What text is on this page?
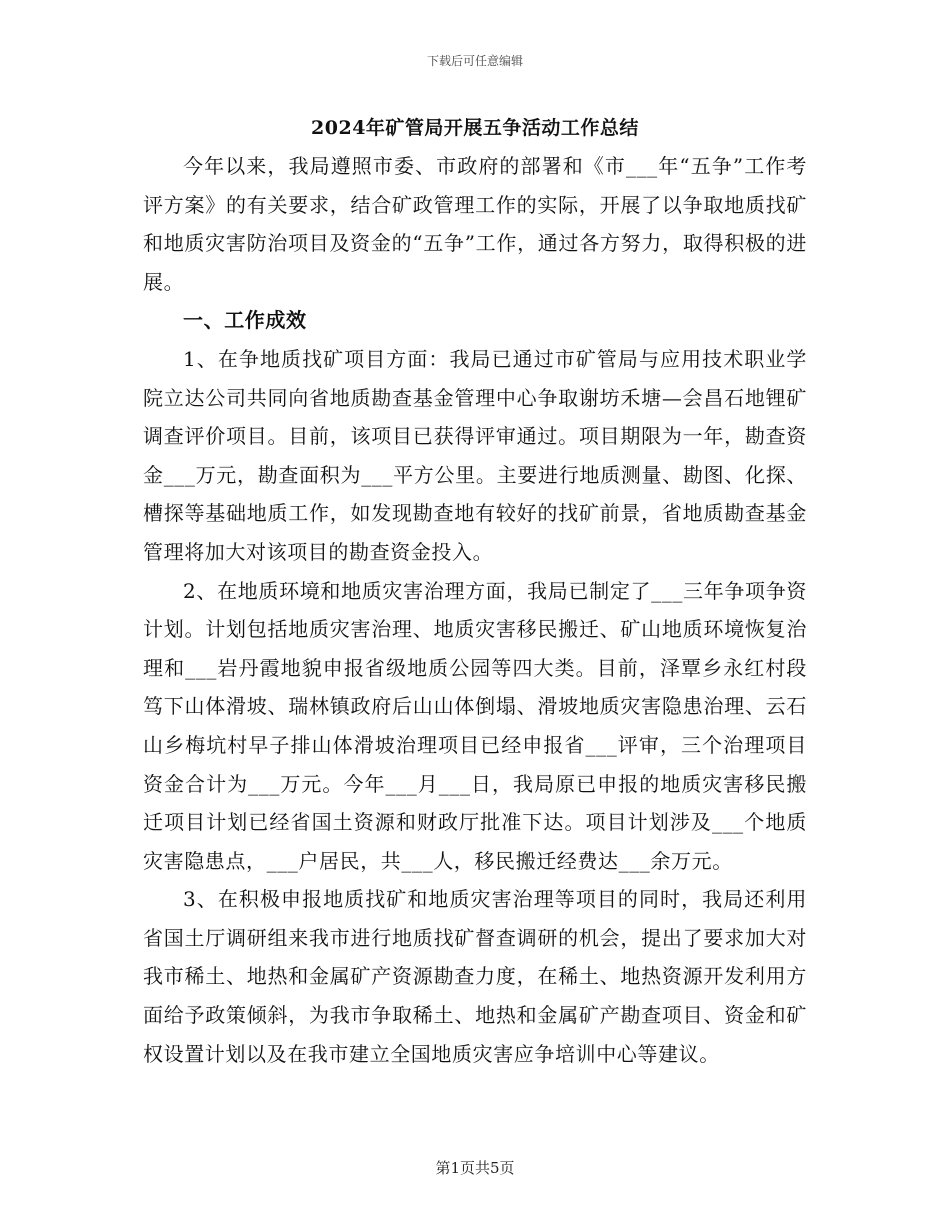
下载后可任意编辑
2024年矿管局开展五争活动工作总结

今年以来，我局遵照市委、市政府的部署和《市___年“五争”工作考评方案》的有关要求，结合矿政管理工作的实际，开展了以争取地质找矿和地质灾害防治项目及资金的“五争”工作，通过各方努力，取得积极的进展。

一、工作成效

1、在争地质找矿项目方面：我局已通过市矿管局与应用技术职业学院立达公司共同向省地质勘查基金管理中心争取谢坊禾塘—会昌石地锂矿调查评价项目。目前，该项目已获得评审通过。项目期限为一年，勘查资金___万元，勘查面积为___平方公里。主要进行地质测量、勘图、化探、槽探等基础地质工作，如发现勘查地有较好的找矿前景，省地质勘查基金管理将加大对该项目的勘查资金投入。

2、在地质环境和地质灾害治理方面，我局已制定了___三年争项争资计划。计划包括地质灾害治理、地质灾害移民搬迁、矿山地质环境恢复治理和___岩丹霞地貌申报省级地质公园等四大类。目前，泽覃乡永红村段笃下山体滑坡、瑞林镇政府后山山体倒塌、滑坡地质灾害隐患治理、云石山乡梅坑村早子排山体滑坡治理项目已经申报省___评审，三个治理项目资金合计为___万元。今年___月___日，我局原已申报的地质灾害移民搬迁项目计划已经省国土资源和财政厅批准下达。项目计划涉及___个地质灾害隐患点，___户居民，共___人，移民搬迁经费达___余万元。

3、在积极申报地质找矿和地质灾害治理等项目的同时，我局还利用省国土厅调研组来我市进行地质找矿督查调研的机会，提出了要求加大对我市稀土、地热和金属矿产资源勘查力度，在稀土、地热资源开发利用方面给予政策倾斜，为我市争取稀土、地热和金属矿产勘查项目、资金和矿权设置计划以及在我市建立全国地质灾害应争培训中心等建议。

第1页共5页
